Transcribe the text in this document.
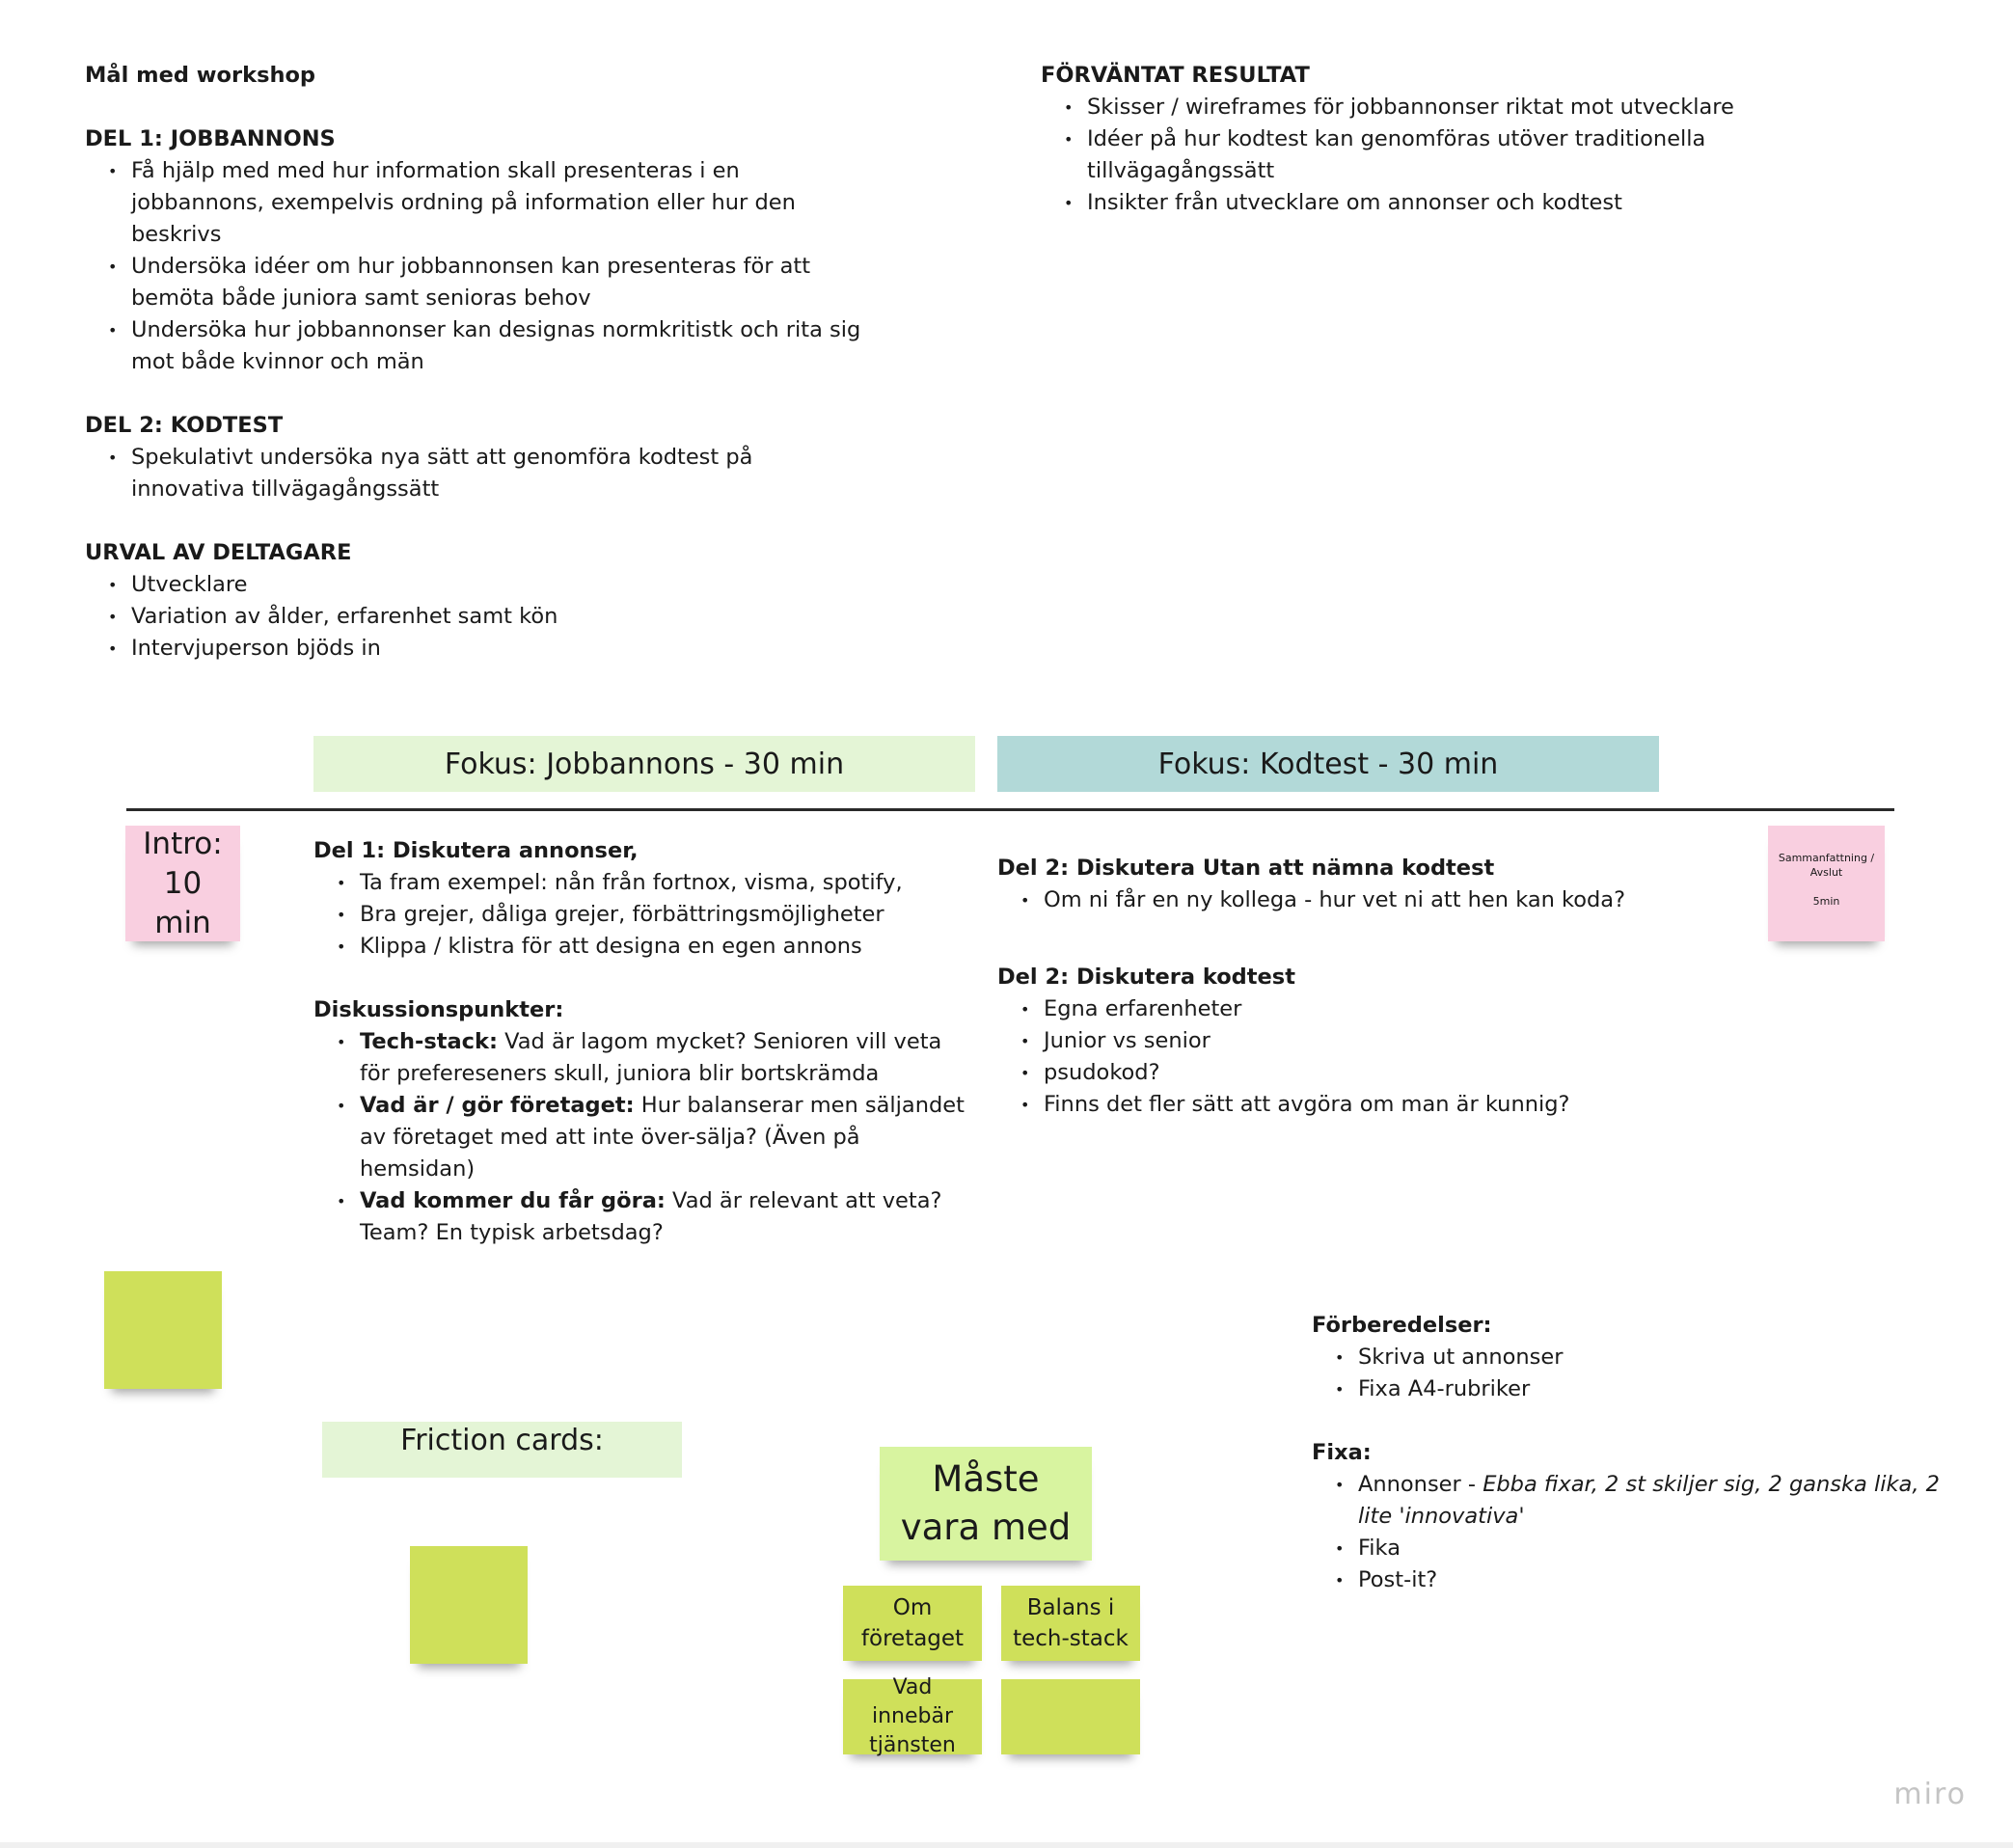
Mål med workshop
DEL 1: JOBBANNONS
• Få hjälp med med hur information skall presenteras i en jobbannons, exempelvis ordning på information eller hur den beskrivs
• Undersöka idéer om hur jobbannonsen kan presenteras för att bemöta både juniora samt senioras behov
• Undersöka hur jobbannonser kan designas normkritistk och rita sig mot både kvinnor och män
DEL 2: KODTEST
• Spekulativt undersöka nya sätt att genomföra kodtest på innovativa tillvägagångssätt
URVAL AV DELTAGARE
• Utvecklare
• Variation av ålder, erfarenhet samt kön
• Intervjuperson bjöds in
FÖRVÄNTAT RESULTAT
• Skisser / wireframes för jobbannonser riktat mot utvecklare
• Idéer på hur kodtest kan genomföras utöver traditionella tillvägagångssätt
• Insikter från utvecklare om annonser och kodtest
Fokus: Jobbannons - 30 min	Fokus: Kodtest - 30 min
Intro: 10 min
Sammanfattning / Avslut
5min
Del 1: Diskutera annonser,
• Ta fram exempel: nån från fortnox, visma, spotify,
• Bra grejer, dåliga grejer, förbättringsmöjligheter
• Klippa / klistra för att designa en egen annons
Diskussionspunkter:
• Tech-stack: Vad är lagom mycket? Senioren vill veta för prefereseners skull, juniora blir bortskrämda
• Vad är / gör företaget: Hur balanserar men säljandet av företaget med att inte över-sälja? (Även på hemsidan)
• Vad kommer du får göra: Vad är relevant att veta? Team? En typisk arbetsdag?
Del 2: Diskutera Utan att nämna kodtest
• Om ni får en ny kollega - hur vet ni att hen kan koda?
Del 2: Diskutera kodtest
• Egna erfarenheter
• Junior vs senior
• psudokod?
• Finns det fler sätt att avgöra om man är kunnig?
Friction cards:
Måste vara med
Om företaget
Balans i tech-stack
Vad innebär tjänsten
Förberedelser:
• Skriva ut annonser
• Fixa A4-rubriker
Fixa:
• Annonser - Ebba fixar, 2 st skiljer sig, 2 ganska lika, 2 lite 'innovativa'
• Fika
• Post-it?
miro
